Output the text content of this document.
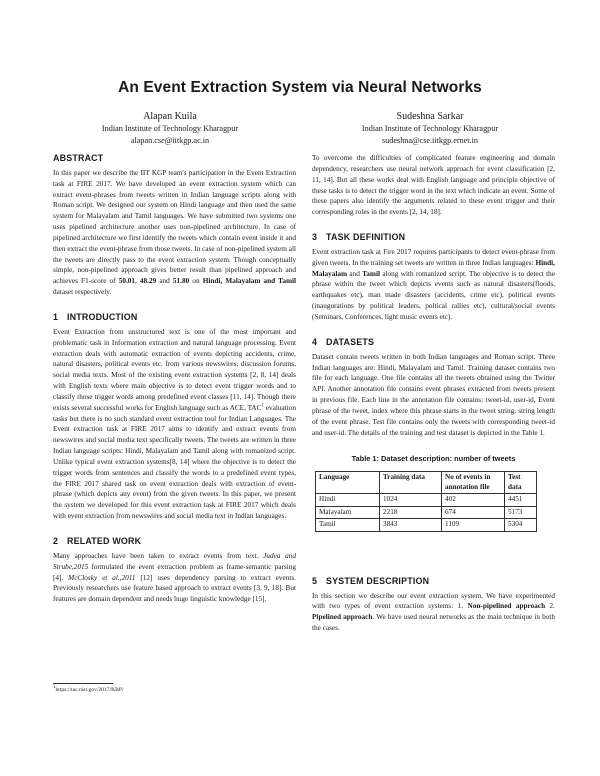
An Event Extraction System via Neural Networks
Alapan Kuila
Indian Institute of Technology Kharagpur
alapan.cse@iitkgp.ac.in
Sudeshna Sarkar
Indian Institute of Technology Kharagpur
sudeshna@cse.iitkgp.ernet.in
ABSTRACT

In this paper we describe the IIT KGP team's participation in the Event Extraction task at FIRE 2017. We have developed an event extraction system which can extract event-phrases from tweets written in Indian language scripts along with Roman script. We designed our system on Hindi language and then used the same system for Malayalam and Tamil languages. We have submitted two systems one uses pipelined architecture another uses non-pipelined architecture. In case of pipelined architecture we first identify the tweets which contain event inside it and then extract the event-phrase from those tweets. In case of non-pipelined system all the tweets are directly pass to the event extraction system. Though conceptually simple, non-pipelined approach gives better result than pipelined approach and achieves F1-score of 50.01, 48.29 and 51.80 on Hindi, Malayalam and Tamil dataset respectively.

1 INTRODUCTION

Event Extraction from unstructured text is one of the most important and problematic task in Information extraction and natural language processing. Event extraction deals with automatic extraction of events depicting accidents, crime, natural disasters, political events etc. from various newswires, discussion forums, social media texts. Most of the existing event extraction systems [2, 8, 14] deals with English texts where main objective is to detect event trigger words and to classify those trigger words among predefined event classes [11, 14]. Though there exists several successful works for English language such as ACE, TAC$^1$ evaluation tasks but there is no such standard event extraction tool for Indian Languages. The Event extraction task at FIRE 2017 aims to identify and extract events from newswires and social media text specifically tweets. The tweets are written in three Indian language scripts: Hindi, Malayalam and Tamil along with romanized script. Unlike typical event extraction systems[8, 14] where the objective is to detect the trigger words from sentences and classify the words to a predefined event types, the FIRE 2017 shared task on event extraction deals with extraction of event-phrase (which depicts any event) from the given tweets. In this paper, we present the system we developed for this event extraction task at FIRE 2017 which deals with event extraction from newswires and social media text in Indian languages.

2 RELATED WORK

Many approaches have been taken to extract events from text. Judea and Strube,2015 formulated the event extraction problem as frame-semantic parsing [4]. McClosky et al.,2011 [12] uses dependency parsing to extract events. Previously researchers use feature based approach to extract events [3, 9, 18]. But features are domain dependent and needs huge linguistic knowledge [15].

$^1$https://tac.nist.gov/2017/KBP/

To overcome the difficulties of complicated feature engineering and domain dependency, researchers use neural network approach for event classification [2, 11, 14]. But all these works deal with English language and principle objective of these tasks is to detect the trigger word in the text which indicate an event. Some of these papers also identify the arguments related to these event trigger and their corresponding roles in the events [2, 14, 18].

3 TASK DEFINITION

Event extraction task at Fire 2017 requires participants to detect event-phrase from given tweets. In the training set tweets are written in three Indian languages: Hindi, Malayalam and Tamil along with romanized script. The objective is to detect the phrase within the tweet which depicts events such as natural disasters(floods, earthquakes etc), man made disasters (accidents, crime etc), political events (inaugurations by political leaders, poltical rallies etc), cultural/social events (Seminars, Conferences, light music events etc).

4 DATASETS

Dataset contain tweets written in both Indian languages and Roman script. Three Indian languages are: Hindi, Malayalam and Tamil. Training dataset contains two file for each language. One file contains all the tweets obtained using the Twitter API. Another annotation file contains event phrases extracted from tweets present in previous file. Each line in the annotation file contains: tweet-id, user-id, Event phrase of the tweet, index where this phrase starts in the tweet string, string length of the event phrase. Test file contains only the tweets with corresponding tweet-id and user-id. The details of the training and test dataset is depicted in the Table 1.

Table 1: Dataset description: number of tweets
Language	Training data	No of events in annotation file	Test data
Hindi	1024	402	4451
Malayalam	2218	674	5173
Tamil	3843	1109	5304
5 SYSTEM DESCRIPTION

In this section we describe our event extraction system. We have experimented with two types of event extraction systems: 1. Non-pipelined approach 2. Pipelined approach. We have used neural networks as the main technique in both the cases.
